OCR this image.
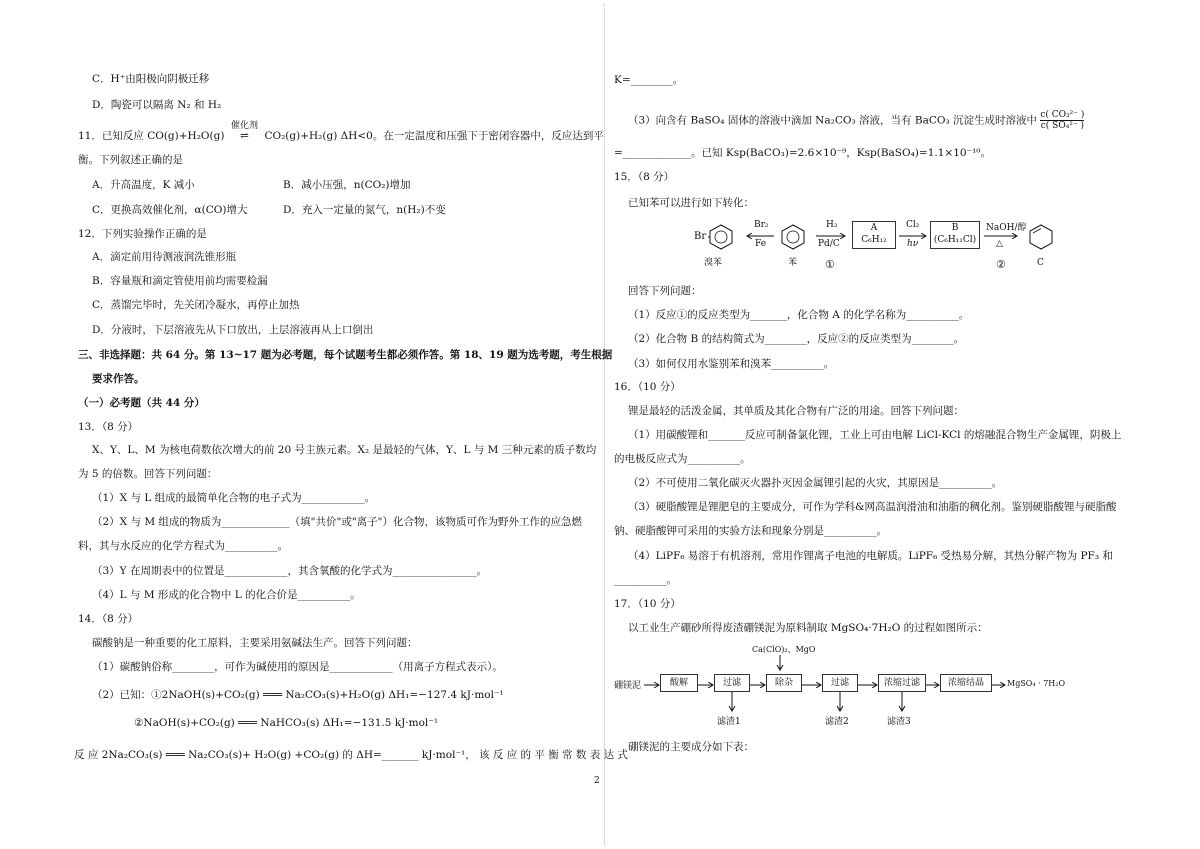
C．H⁺由阳极向阴极迁移
D．陶瓷可以隔离 N₂ 和 H₂
11．已知反应 CO(g)+H₂O(g)
催化剂
⇌ CO₂(g)+H₂(g) ΔH<0。在一定温度和压强下于密闭容器中，反应达到平
衡。下列叙述正确的是
A．升高温度，K 减小	B．减小压强，n(CO₂)增加
C．更换高效催化剂，α(CO)增大	D．充入一定量的氮气，n(H₂)不变
12．下列实验操作正确的是
A．滴定前用待测液润洗锥形瓶
B．容量瓶和滴定管使用前均需要检漏
C．蒸馏完毕时，先关闭冷凝水，再停止加热
D．分液时，下层溶液先从下口放出，上层溶液再从上口倒出
三、非选择题：共 64 分。第 13~17 题为必考题，每个试题考生都必须作答。第 18、19 题为选考题，考生根据
要求作答。
（一）必考题（共 44 分）
13．（8 分）
X、Y、L、M 为核电荷数依次增大的前 20 号主族元素。X₂ 是最轻的气体，Y、L 与 M 三种元素的质子数均
为 5 的倍数。回答下列问题：
（1）X 与 L 组成的最简单化合物的电子式为____________。
（2）X 与 M 组成的物质为_____________（填"共价"或"离子"）化合物，该物质可作为野外工作的应急燃
料，其与水反应的化学方程式为__________。
（3）Y 在周期表中的位置是____________，其含氧酸的化学式为________________。
（4）L 与 M 形成的化合物中 L 的化合价是__________。
14．（8 分）
碳酸钠是一种重要的化工原料，主要采用氨碱法生产。回答下列问题：
（1）碳酸钠俗称________，可作为碱使用的原因是____________（用离子方程式表示）。
（2）已知：①2NaOH(s)+CO₂(g) ═══ Na₂CO₃(s)+H₂O(g) ΔH₁=−127.4 kJ·mol⁻¹
②NaOH(s)+CO₂(g) ═══ NaHCO₃(s) ΔH₁=−131.5 kJ·mol⁻¹
反 应 2Na₂CO₃(s) ═══ Na₂CO₃(s)+ H₂O(g) +CO₂(g) 的 ΔH=_______ kJ·mol⁻¹， 该 反 应 的 平 衡 常 数 表 达 式
K=________。
（3）向含有 BaSO₄ 固体的溶液中滴加 Na₂CO₃ 溶液，当有 BaCO₃ 沉淀生成时溶液中 $\frac{\text{c( CO₃²⁻ )}}{\text{c( SO₄²⁻ )}}$
=_____________。已知 Ksp(BaCO₃)=2.6×10⁻⁹，Ksp(BaSO₄)=1.1×10⁻¹⁰。
15．（8 分）
已知苯可以进行如下转化：
Br
溴苯
Br₂
Fe
苯
H₂
Pd/C
①
A
C₆H₁₂
Cl₂
hν
B
(C₆H₁₁Cl)
NaOH/醇
△
②	C
回答下列问题：
（1）反应①的反应类型为_______，化合物 A 的化学名称为__________。
（2）化合物 B 的结构简式为________，反应②的反应类型为________。
（3）如何仅用水鉴别苯和溴苯__________。
16．（10 分）
锂是最轻的活泼金属，其单质及其化合物有广泛的用途。回答下列问题：
（1）用碳酸锂和_______反应可制备氯化锂，工业上可由电解 LiCl-KCl 的熔融混合物生产金属锂，阴极上
的电极反应式为__________。
（2）不可使用二氧化碳灭火器扑灭因金属锂引起的火灾，其原因是__________。
（3）硬脂酸锂是锂肥皂的主要成分，可作为学科&网高温润滑油和油脂的稠化剂。鉴别硬脂酸锂与硬脂酸
钠、硬脂酸钾可采用的实验方法和现象分别是__________。
（4）LiPF₆ 易溶于有机溶剂，常用作锂离子电池的电解质。LiPF₆ 受热易分解，其热分解产物为 PF₃ 和
__________。
17．（10 分）
以工业生产硼砂所得废渣硼镁泥为原料制取 MgSO₄·7H₂O 的过程如图所示：
Ca(ClO)₂、MgO
硼镁泥	酸解	过滤	除杂	过滤	浓缩过滤	浓缩结晶	MgSO₄ · 7H₂O
滤渣1	滤渣2	滤渣3
硼镁泥的主要成分如下表：
2
